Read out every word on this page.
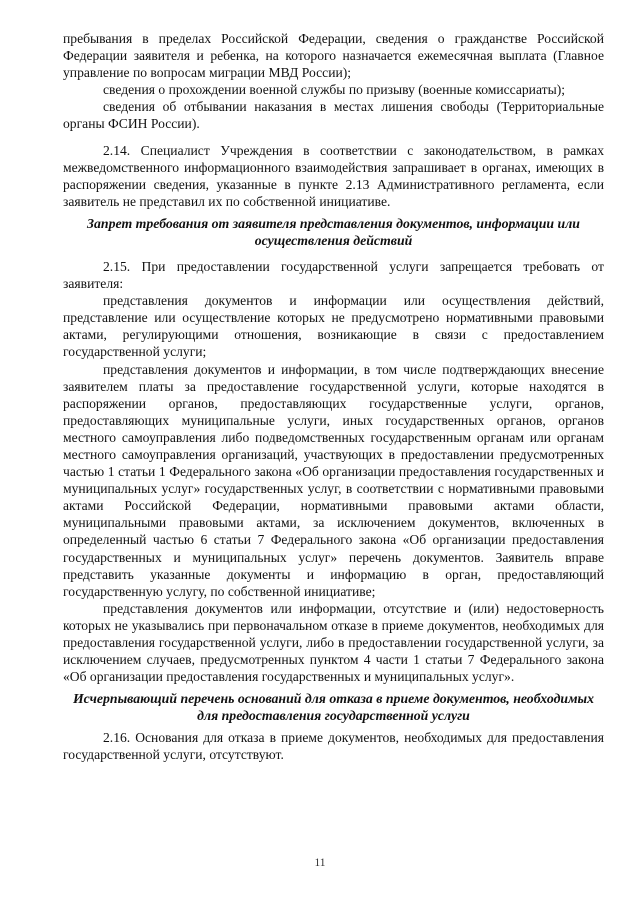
пребывания в пределах Российской Федерации, сведения о гражданстве Российской Федерации заявителя и ребенка, на которого назначается ежемесячная выплата (Главное управление по вопросам миграции МВД России);

сведения о прохождении военной службы по призыву (военные комиссариаты);

сведения об отбывании наказания в местах лишения свободы (Территориальные органы ФСИН России).

2.14. Специалист Учреждения в соответствии с законодательством, в рамках межведомственного информационного взаимодействия запрашивает в органах, имеющих в распоряжении сведения, указанные в пункте 2.13 Административного регламента, если заявитель не представил их по собственной инициативе.

Запрет требования от заявителя представления документов, информации или осуществления действий

2.15. При предоставлении государственной услуги запрещается требовать от заявителя:

представления документов и информации или осуществления действий, представление или осуществление которых не предусмотрено нормативными правовыми актами, регулирующими отношения, возникающие в связи с предоставлением государственной услуги;

представления документов и информации, в том числе подтверждающих внесение заявителем платы за предоставление государственной услуги, которые находятся в распоряжении органов, предоставляющих государственные услуги, органов, предоставляющих муниципальные услуги, иных государственных органов, органов местного самоуправления либо подведомственных государственным органам или органам местного самоуправления организаций, участвующих в предоставлении предусмотренных частью 1 статьи 1 Федерального закона «Об организации предоставления государственных и муниципальных услуг» государственных услуг, в соответствии с нормативными правовыми актами Российской Федерации, нормативными правовыми актами области, муниципальными правовыми актами, за исключением документов, включенных в определенный частью 6 статьи 7 Федерального закона «Об организации предоставления государственных и муниципальных услуг» перечень документов. Заявитель вправе представить указанные документы и информацию в орган, предоставляющий государственную услугу, по собственной инициативе;

представления документов или информации, отсутствие и (или) недостоверность которых не указывались при первоначальном отказе в приеме документов, необходимых для предоставления государственной услуги, либо в предоставлении государственной услуги, за исключением случаев, предусмотренных пунктом 4 части 1 статьи 7 Федерального закона «Об организации предоставления государственных и муниципальных услуг».

Исчерпывающий перечень оснований для отказа в приеме документов, необходимых для предоставления государственной услуги

2.16. Основания для отказа в приеме документов, необходимых для предоставления государственной услуги, отсутствуют.

11
